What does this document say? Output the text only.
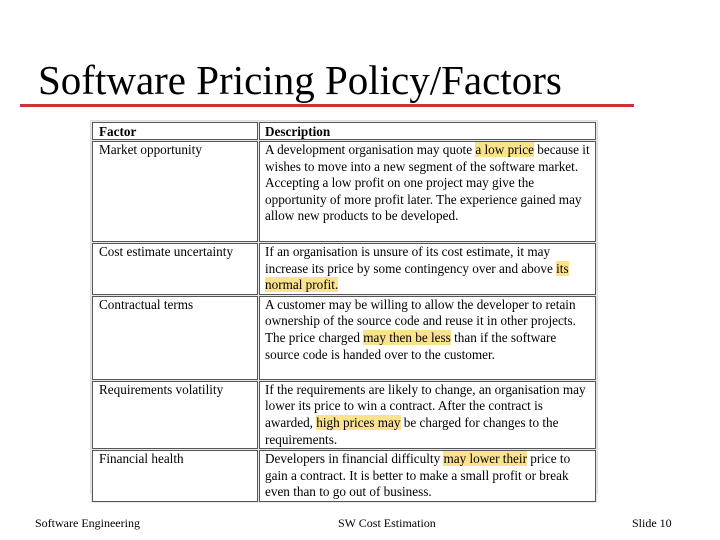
Software Pricing Policy/Factors
Factor	Description
Market opportunity	A development organisation may quote a low price because it wishes to move into a new segment of the software market. Accepting a low profit on one project may give the opportunity of more profit later. The experience gained may allow new products to be developed.
Cost estimate uncertainty	If an organisation is unsure of its cost estimate, it may increase its price by some contingency over and above its normal profit.
Contractual terms	A customer may be willing to allow the developer to retain ownership of the source code and reuse it in other projects. The price charged may then be less than if the software source code is handed over to the customer.
Requirements volatility	If the requirements are likely to change, an organisation may lower its price to win a contract. After the contract is awarded, high prices may be charged for changes to the requirements.
Financial health	Developers in financial difficulty may lower their price to gain a contract. It is better to make a small profit or break even than to go out of business.
Software Engineering	SW Cost Estimation	Slide 10
